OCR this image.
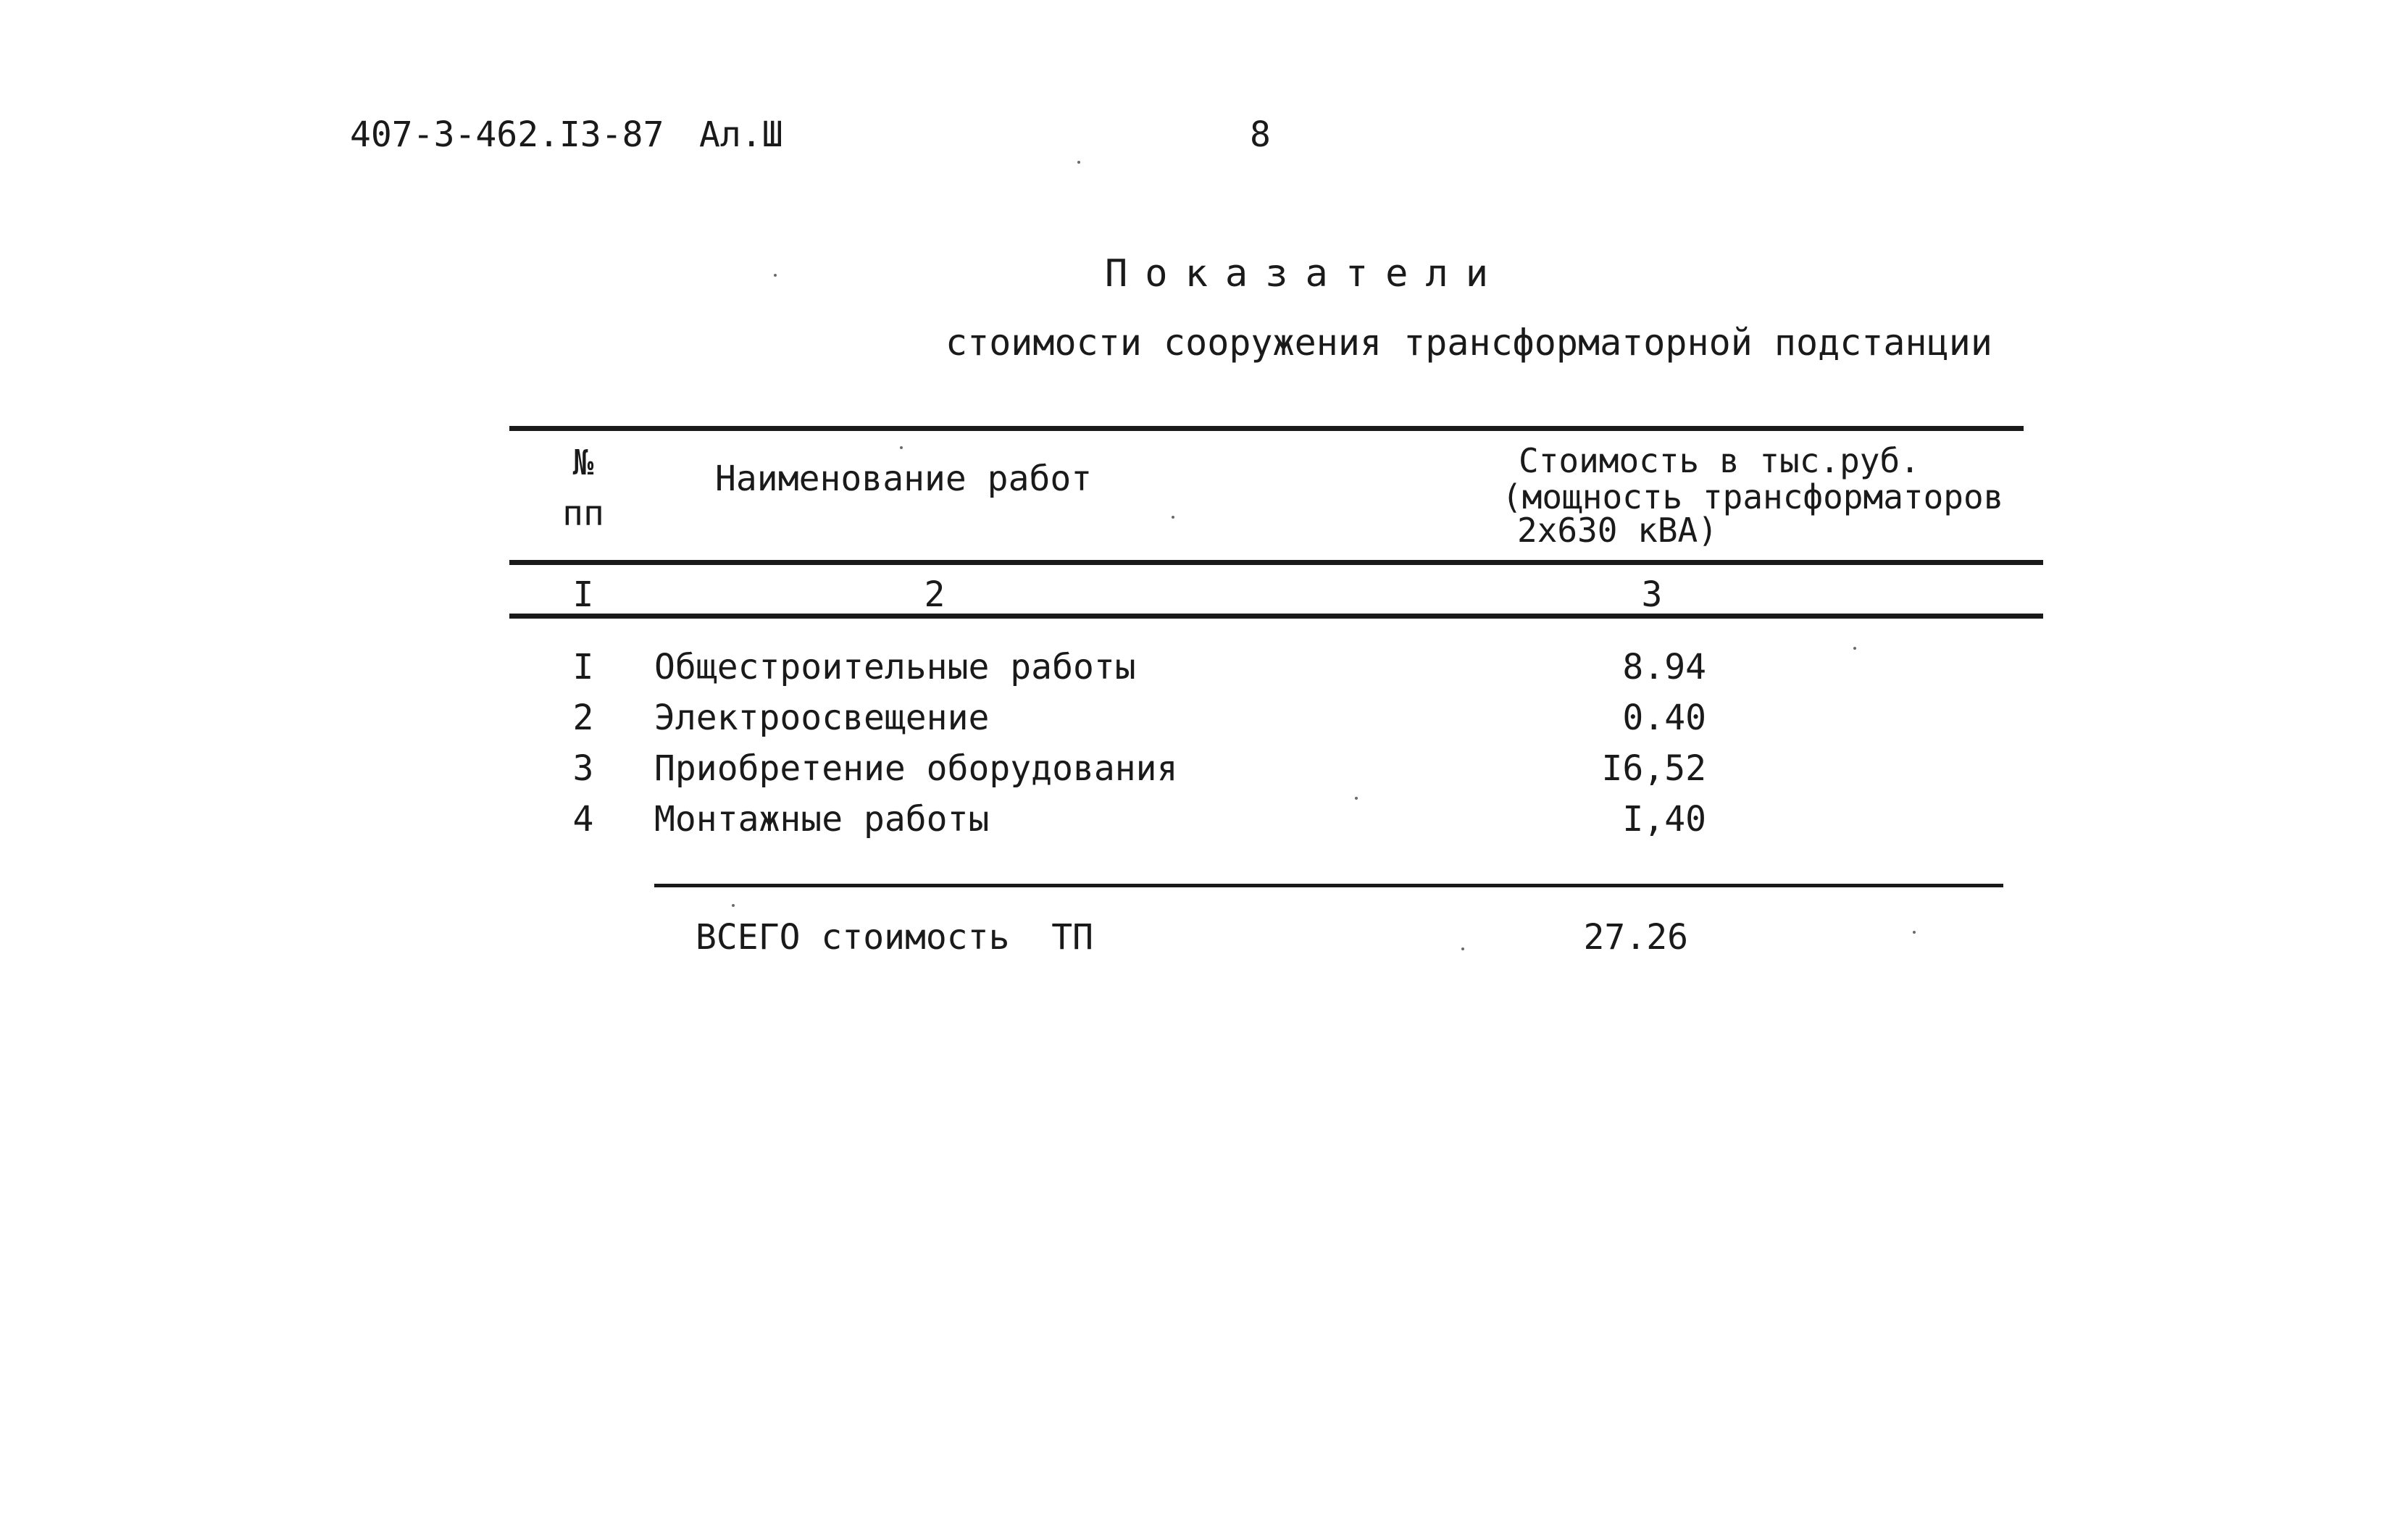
407-3-462.I3-87 Ал.Ш	8
Показатели
стоимости сооружения трансформаторной подстанции
№
пп
Наименование работ	Стоимость в тыс.руб.
(мощность трансформаторов
2x630 кВА)
I	2	3
I	Общестроительные работы	8.94
2	Электроосвещение	0.40
3	Приобретение оборудования	I6,52
4	Монтажные работы	I,40
ВСЕГО стоимость  ТП	27.26
